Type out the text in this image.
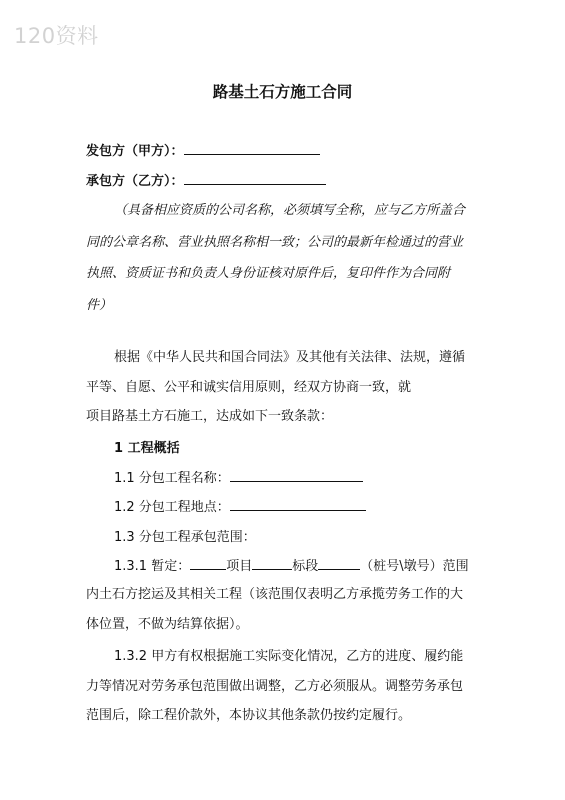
120资料
路基土石方施工合同
发包方（甲方）：
承包方（乙方）：
（具备相应资质的公司名称，必须填写全称，应与乙方所盖合
同的公章名称、营业执照名称相一致；公司的最新年检通过的营业
执照、资质证书和负责人身份证核对原件后，复印件作为合同附
件）
根据《中华人民共和国合同法》及其他有关法律、法规，遵循
平等、自愿、公平和诚实信用原则，经双方协商一致，就
项目路基土方石施工，达成如下一致条款：
1 工程概括
1.1 分包工程名称：
1.2 分包工程地点：
1.3 分包工程承包范围：
1.3.1 暂定：	项目	标段	（桩号\墩号）范围
内土石方挖运及其相关工程（该范围仅表明乙方承揽劳务工作的大
体位置，不做为结算依据）。
1.3.2 甲方有权根据施工实际变化情况，乙方的进度、履约能
力等情况对劳务承包范围做出调整，乙方必须服从。调整劳务承包
范围后，除工程价款外，本协议其他条款仍按约定履行。
